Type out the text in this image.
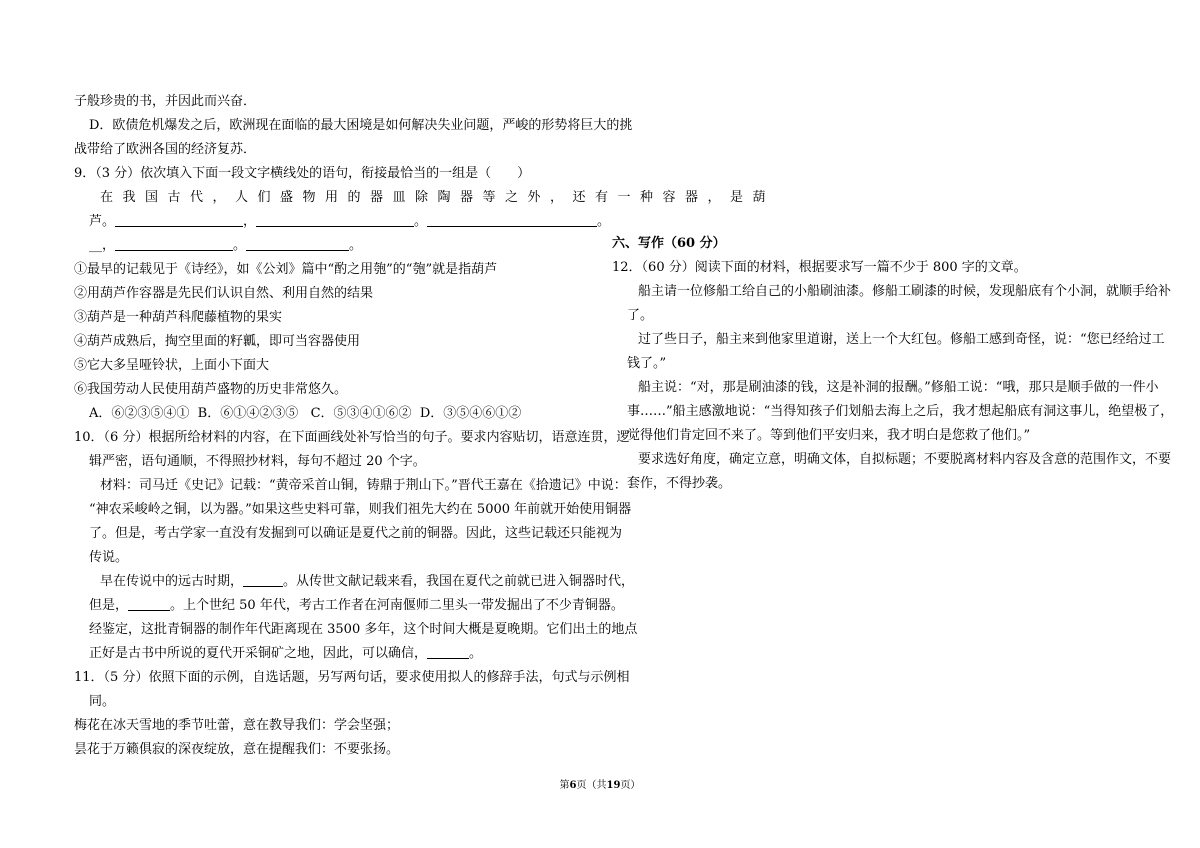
子般珍贵的书，并因此而兴奋．
D．欧债危机爆发之后，欧洲现在面临的最大困境是如何解决失业问题，严峻的形势将巨大的挑
战带给了欧洲各国的经济复苏．
9．（3 分）依次填入下面一段文字横线处的语句，衔接最恰当的一组是（　　）
在我国古代，人们盛物用的器皿除陶器等之外，还有一种容器，是葫
芦。	，	。	。
__，	。	。
①最早的记载见于《诗经》，如《公刘》篇中“酌之用匏”的“匏”就是指葫芦
②用葫芦作容器是先民们认识自然、利用自然的结果
③葫芦是一种葫芦科爬藤植物的果实
④葫芦成熟后，掏空里面的籽瓤，即可当容器使用
⑤它大多呈哑铃状，上面小下面大
⑥我国劳动人民使用葫芦盛物的历史非常悠久。
A．⑥②③⑤④①  B．⑥①④②③⑤   C．⑤③④①⑥②  D．③⑤④⑥①②
10．（6 分）根据所给材料的内容，在下面画线处补写恰当的句子。要求内容贴切，语意连贯，逻
辑严密，语句通顺，不得照抄材料，每句不超过 20 个字。
材料：司马迁《史记》记载：“黄帝采首山铜，铸鼎于荆山下。”晋代王嘉在《拾遗记》中说：
“神农采峻岭之铜，以为器。”如果这些史料可靠，则我们祖先大约在 5000 年前就开始使用铜器
了。但是，考古学家一直没有发掘到可以确证是夏代之前的铜器。因此，这些记载还只能视为
传说。
早在传说中的远古时期，	。从传世文献记载来看，我国在夏代之前就已进入铜器时代，
但是，	。上个世纪 50 年代，考古工作者在河南偃师二里头一带发掘出了不少青铜器。
经鉴定，这批青铜器的制作年代距离现在 3500 多年，这个时间大概是夏晚期。它们出土的地点
正好是古书中所说的夏代开采铜矿之地，因此，可以确信，	。
11．（5 分）依照下面的示例，自选话题，另写两句话，要求使用拟人的修辞手法，句式与示例相
同。
梅花在冰天雪地的季节吐蕾，意在教导我们：学会坚强；
昙花于万籁俱寂的深夜绽放，意在提醒我们：不要张扬。
六、写作（60 分）
12．（60 分）阅读下面的材料，根据要求写一篇不少于 800 字的文章。
船主请一位修船工给自己的小船刷油漆。修船工刷漆的时候，发现船底有个小洞，就顺手给补
了。
过了些日子，船主来到他家里道谢，送上一个大红包。修船工感到奇怪，说：“您已经给过工
钱了。”
船主说：“对，那是刷油漆的钱，这是补洞的报酬。”修船工说：“哦，那只是顺手做的一件小
事……”船主感激地说：“当得知孩子们划船去海上之后，我才想起船底有洞这事儿，绝望极了，
觉得他们肯定回不来了。等到他们平安归来，我才明白是您救了他们。”
要求选好角度，确定立意，明确文体，自拟标题；不要脱离材料内容及含意的范围作文，不要
套作，不得抄袭。
第6页（共19页）
